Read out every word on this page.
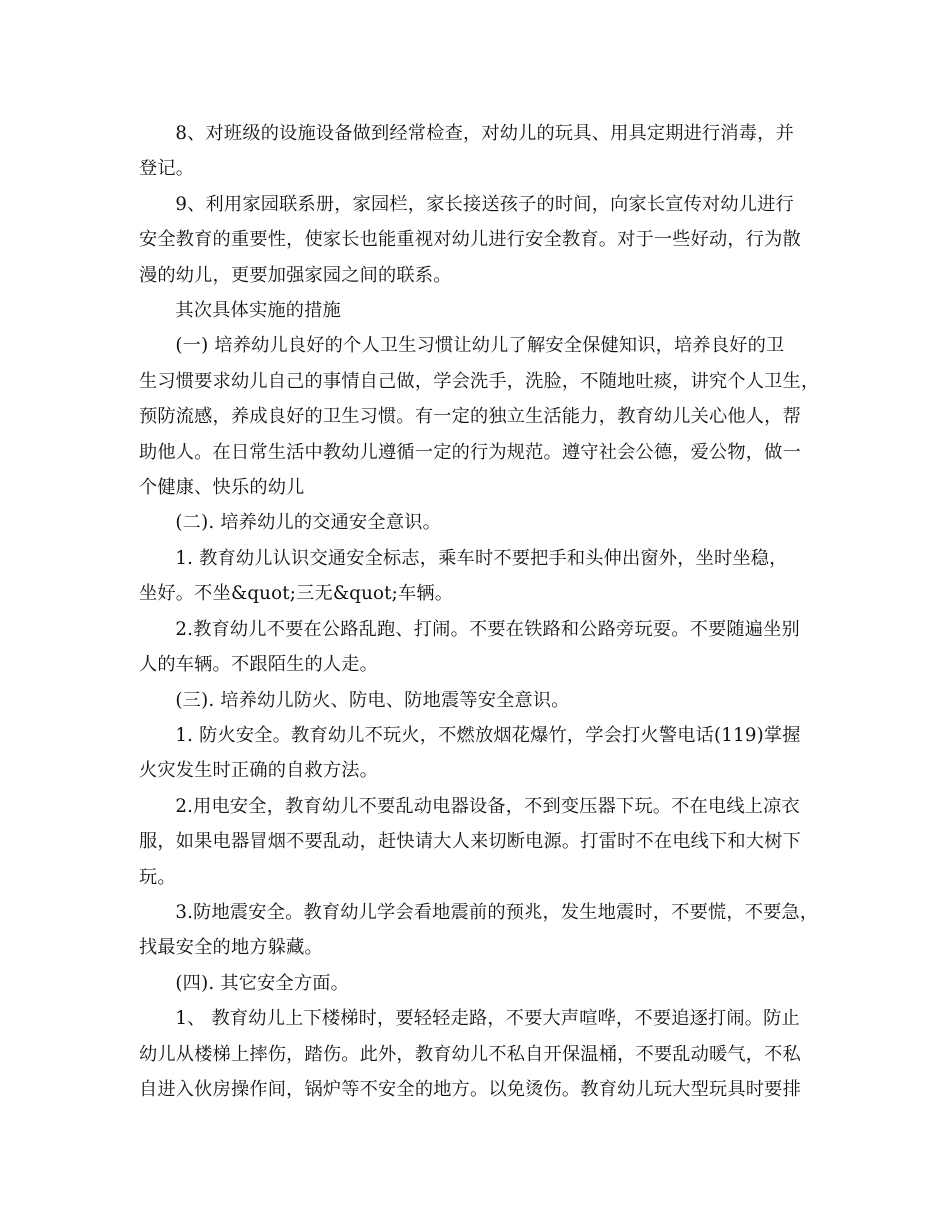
8、对班级的设施设备做到经常检查，对幼儿的玩具、用具定期进行消毒，并
登记。

9、利用家园联系册，家园栏，家长接送孩子的时间，向家长宣传对幼儿进行
安全教育的重要性，使家长也能重视对幼儿进行安全教育。对于一些好动，行为散
漫的幼儿，更要加强家园之间的联系。

其次具体实施的措施

(一) 培养幼儿良好的个人卫生习惯让幼儿了解安全保健知识，培养良好的卫
生习惯要求幼儿自己的事情自己做，学会洗手，洗脸，不随地吐痰，讲究个人卫生，
预防流感，养成良好的卫生习惯。有一定的独立生活能力，教育幼儿关心他人，帮
助他人。在日常生活中教幼儿遵循一定的行为规范。遵守社会公德，爱公物，做一
个健康、快乐的幼儿

(二). 培养幼儿的交通安全意识。

1. 教育幼儿认识交通安全标志，乘车时不要把手和头伸出窗外，坐时坐稳，
坐好。不坐&quot;三无&quot;车辆。

2.教育幼儿不要在公路乱跑、打闹。不要在铁路和公路旁玩耍。不要随遍坐别
人的车辆。不跟陌生的人走。

(三). 培养幼儿防火、防电、防地震等安全意识。

1. 防火安全。教育幼儿不玩火，不燃放烟花爆竹，学会打火警电话(119)掌握
火灾发生时正确的自救方法。

2.用电安全，教育幼儿不要乱动电器设备，不到变压器下玩。不在电线上凉衣
服，如果电器冒烟不要乱动，赶快请大人来切断电源。打雷时不在电线下和大树下
玩。

3.防地震安全。教育幼儿学会看地震前的预兆，发生地震时，不要慌，不要急，
找最安全的地方躲藏。

(四). 其它安全方面。

1、 教育幼儿上下楼梯时，要轻轻走路，不要大声喧哗，不要追逐打闹。防止
幼儿从楼梯上摔伤，踏伤。此外，教育幼儿不私自开保温桶，不要乱动暖气，不私
自进入伙房操作间，锅炉等不安全的地方。以免烫伤。教育幼儿玩大型玩具时要排
